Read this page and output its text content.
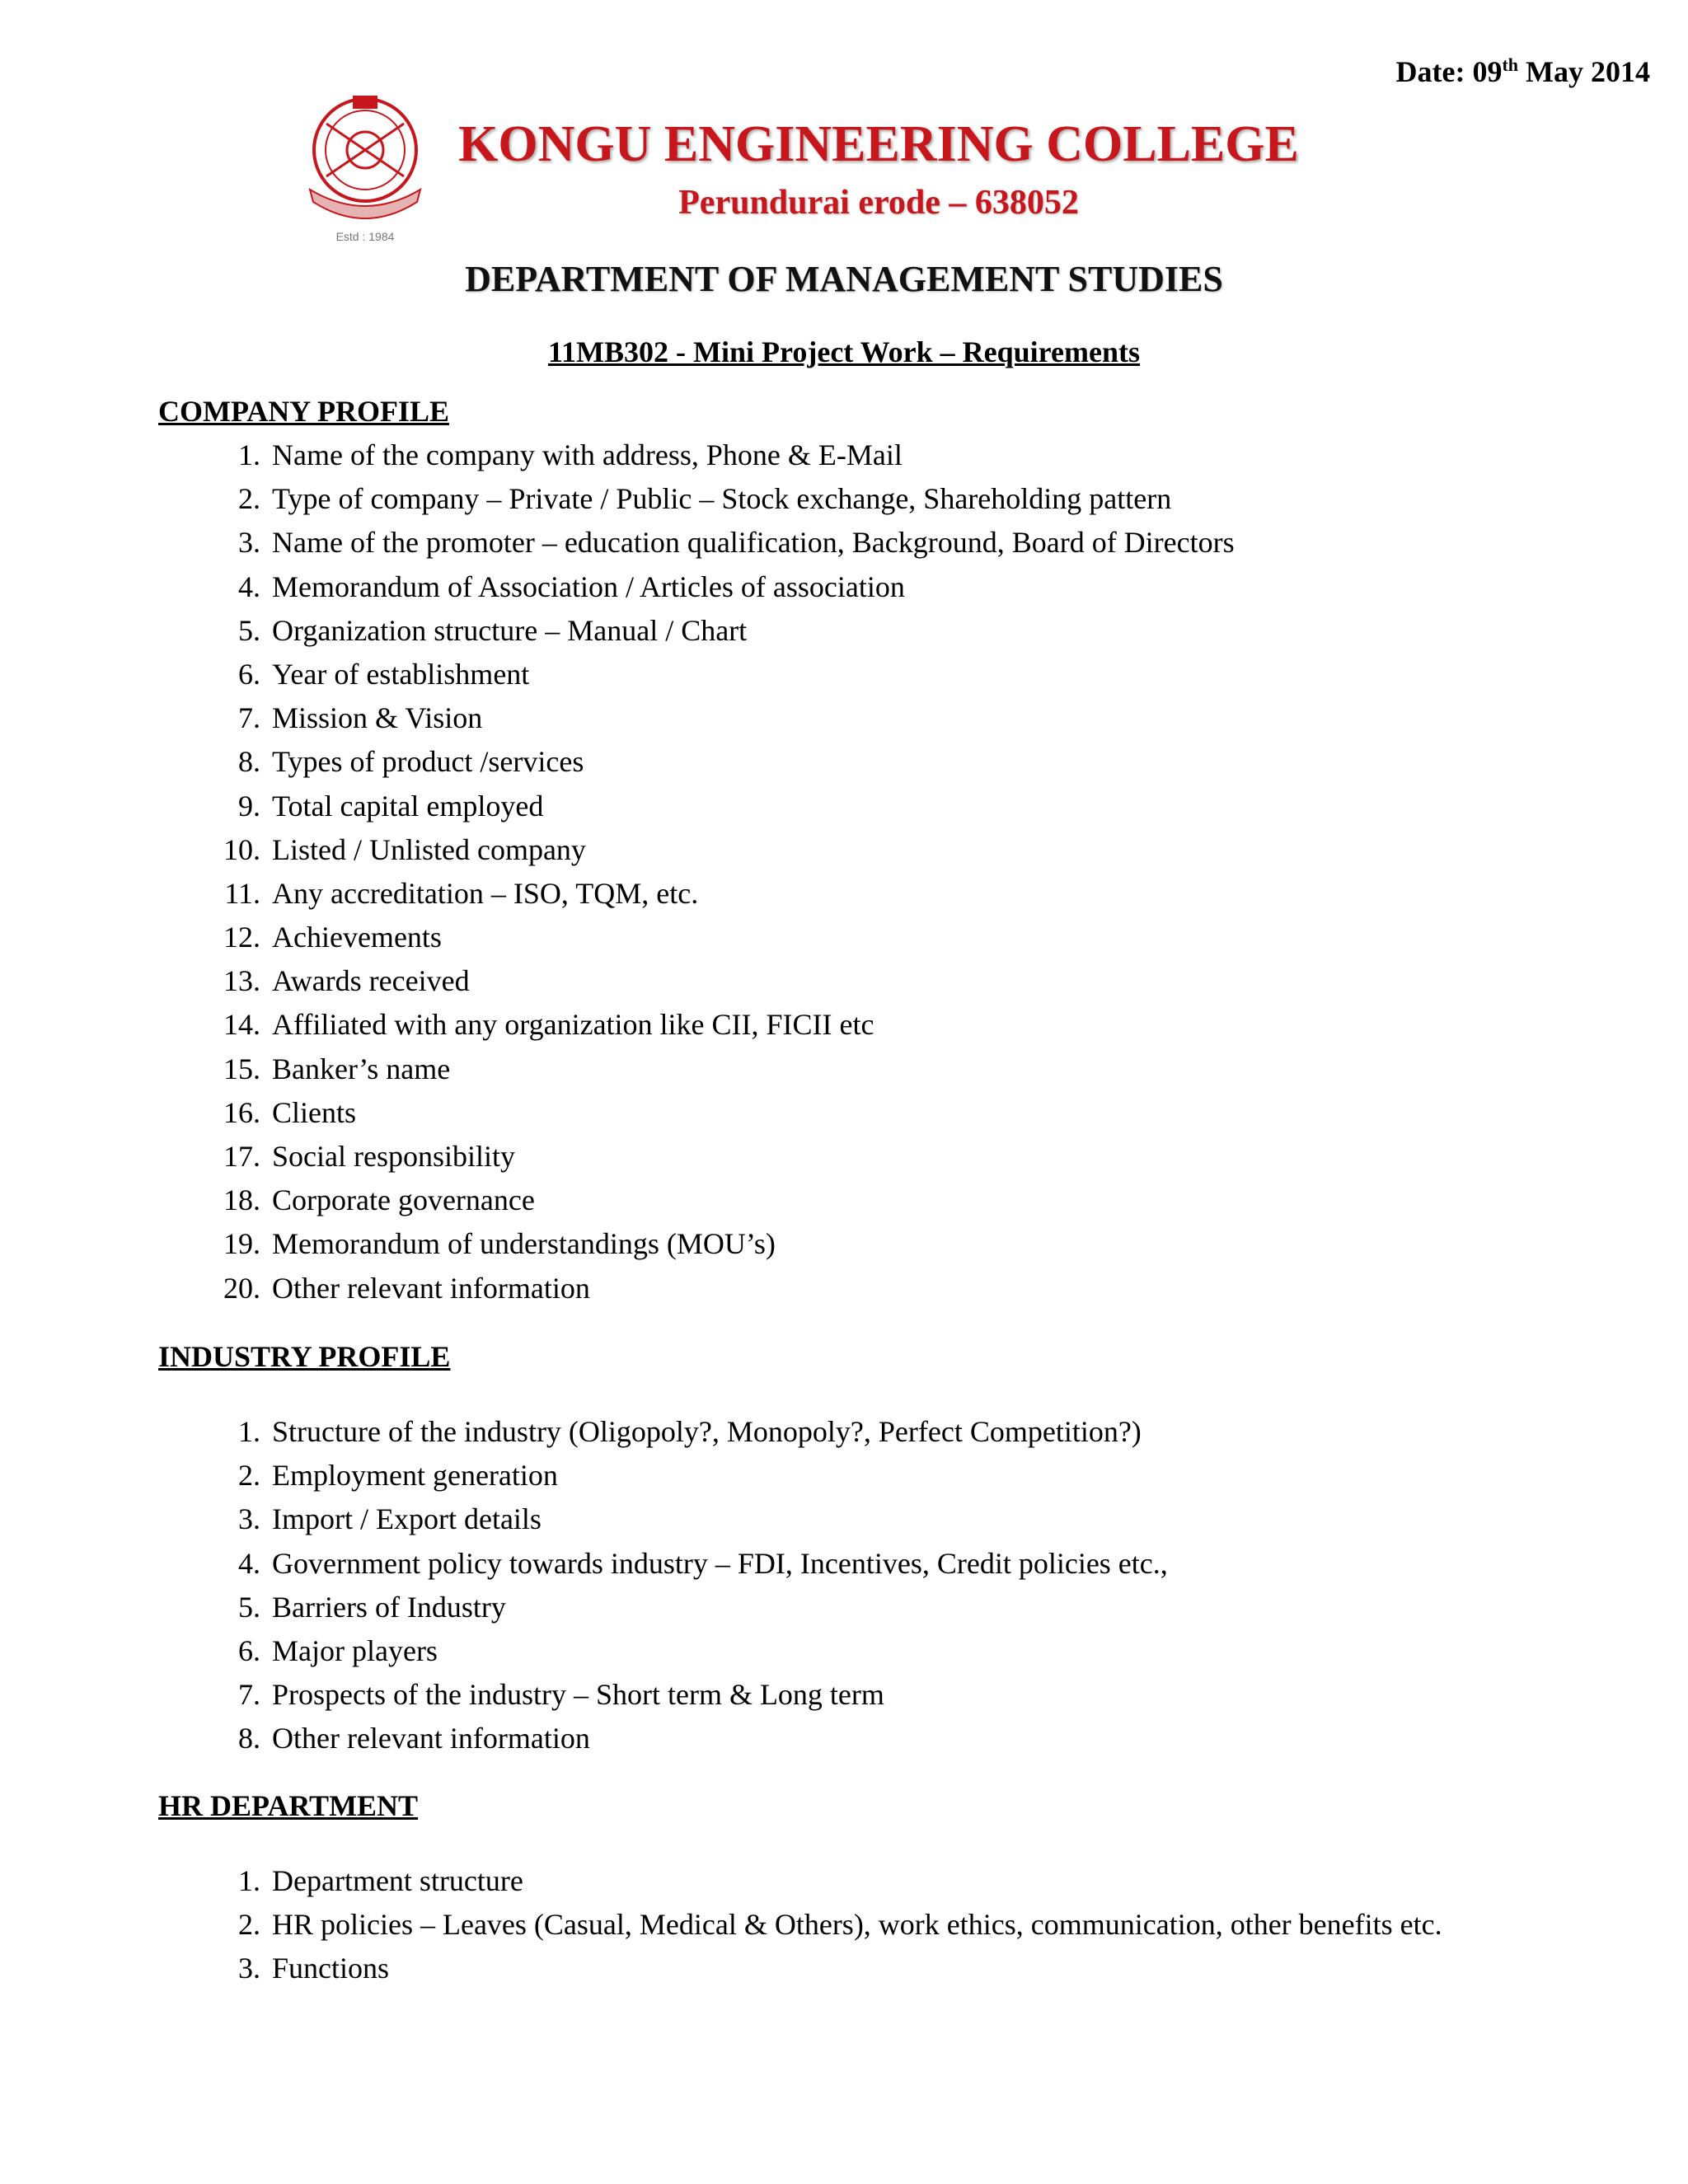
Date: 09th May 2014
Estd : 1984
KONGU ENGINEERING COLLEGE
Perundurai erode – 638052
DEPARTMENT OF MANAGEMENT STUDIES
11MB302 - Mini Project Work – Requirements
COMPANY PROFILE
1. Name of the company with address, Phone & E-Mail
2. Type of company – Private / Public – Stock exchange, Shareholding pattern
3. Name of the promoter – education qualification, Background, Board of Directors
4. Memorandum of Association / Articles of association
5. Organization structure – Manual / Chart
6. Year of establishment
7. Mission & Vision
8. Types of product /services
9. Total capital employed
10. Listed / Unlisted company
11. Any accreditation – ISO, TQM, etc.
12. Achievements
13. Awards received
14. Affiliated with any organization like CII, FICII etc
15. Banker’s name
16. Clients
17. Social responsibility
18. Corporate governance
19. Memorandum of understandings (MOU’s)
20. Other relevant information
INDUSTRY PROFILE
1. Structure of the industry (Oligopoly?, Monopoly?, Perfect Competition?)
2. Employment generation
3. Import / Export details
4. Government policy towards industry – FDI, Incentives, Credit policies etc.,
5. Barriers of Industry
6. Major players
7. Prospects of the industry – Short term & Long term
8. Other relevant information
HR DEPARTMENT
1. Department structure
2. HR policies – Leaves (Casual, Medical & Others), work ethics, communication, other benefits etc.
3. Functions
